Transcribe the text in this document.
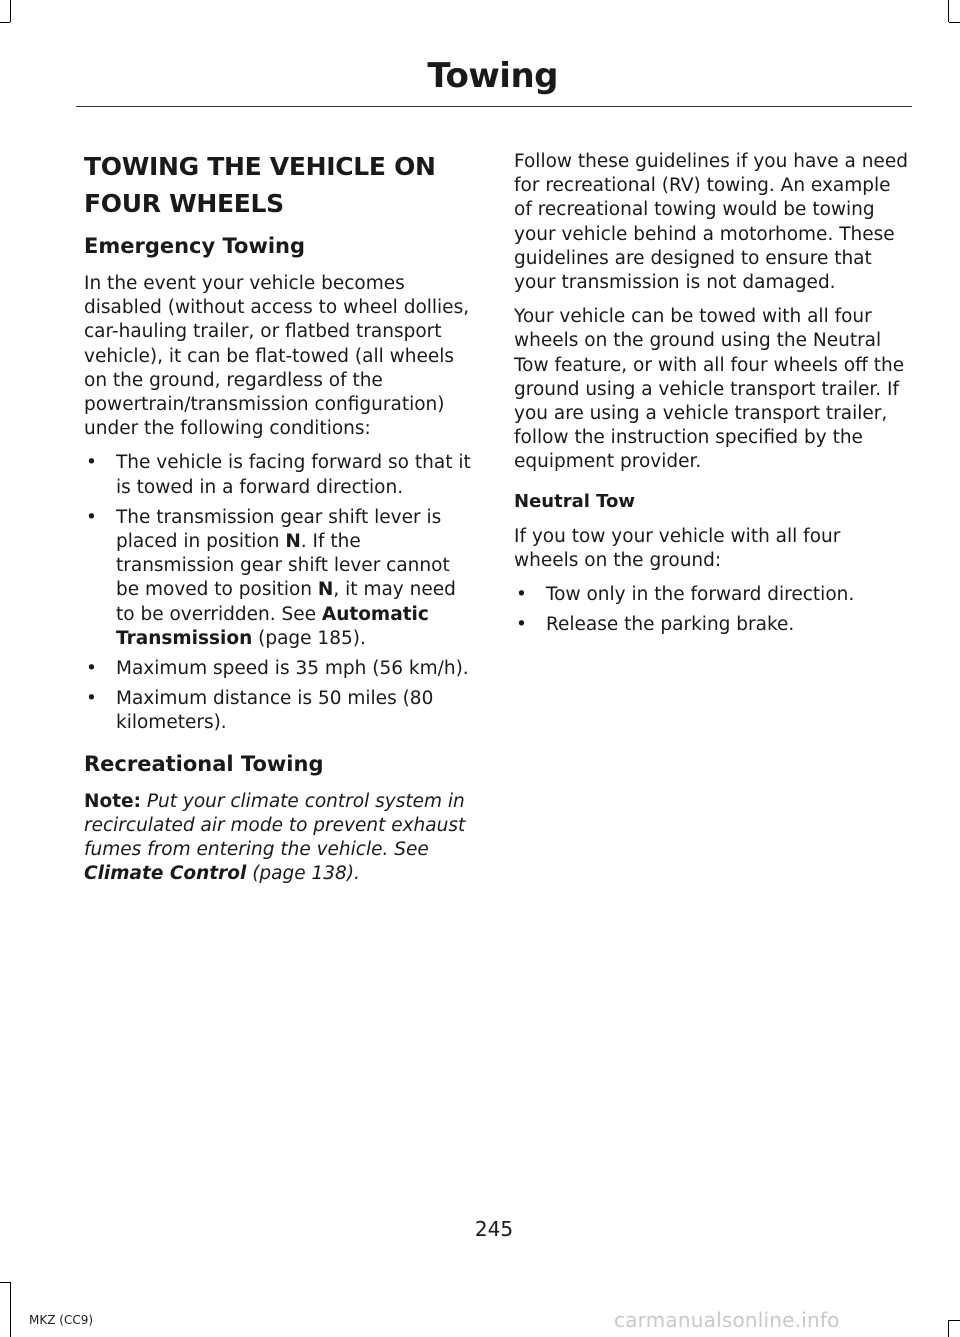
Towing
TOWING THE VEHICLE ON FOUR WHEELS
Emergency Towing

In the event your vehicle becomes disabled (without access to wheel dollies, car-hauling trailer, or flatbed transport vehicle), it can be flat-towed (all wheels on the ground, regardless of the powertrain/transmission configuration) under the following conditions:

• The vehicle is facing forward so that it is towed in a forward direction.
• The transmission gear shift lever is placed in position N. If the transmission gear shift lever cannot be moved to position N, it may need to be overridden. See Automatic Transmission (page 185).
• Maximum speed is 35 mph (56 km/h).
• Maximum distance is 50 miles (80 kilometers).
Recreational Towing

Note: Put your climate control system in recirculated air mode to prevent exhaust fumes from entering the vehicle. See Climate Control (page 138).

Follow these guidelines if you have a need for recreational (RV) towing. An example of recreational towing would be towing your vehicle behind a motorhome. These guidelines are designed to ensure that your transmission is not damaged.

Your vehicle can be towed with all four wheels on the ground using the Neutral Tow feature, or with all four wheels off the ground using a vehicle transport trailer. If you are using a vehicle transport trailer, follow the instruction specified by the equipment provider.

Neutral Tow

If you tow your vehicle with all four wheels on the ground:

• Tow only in the forward direction.
• Release the parking brake.
245
MKZ (CC9)	carmanualsonline.info
